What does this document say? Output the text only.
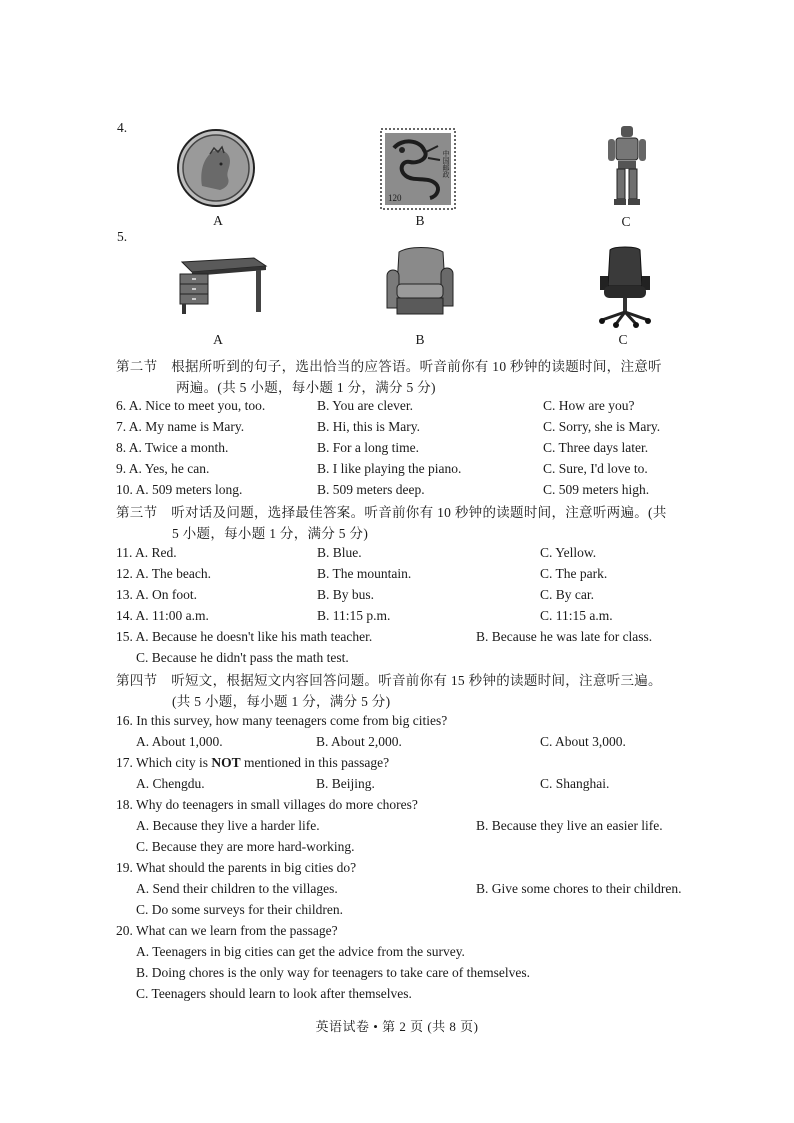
4.
120
中国邮政
A	B	C
5.
A	B	C
第二节　根据所听到的句子，选出恰当的应答语。听音前你有 10 秒钟的读题时间，注意听
两遍。(共 5 小题，每小题 1 分，满分 5 分)
6. A. Nice to meet you, too.	B. You are clever.	C. How are you?
7. A. My name is Mary.	B. Hi, this is Mary.	C. Sorry, she is Mary.
8. A. Twice a month.	B. For a long time.	C. Three days later.
9. A. Yes, he can.	B. I like playing the piano.	C. Sure, I'd love to.
10. A. 509 meters long.	B. 509 meters deep.	C. 509 meters high.
第三节　听对话及问题，选择最佳答案。听音前你有 10 秒钟的读题时间，注意听两遍。(共
5 小题，每小题 1 分，满分 5 分)
11. A. Red.	B. Blue.	C. Yellow.
12. A. The beach.	B. The mountain.	C. The park.
13. A. On foot.	B. By bus.	C. By car.
14. A. 11:00 a.m.	B. 11:15 p.m.	C. 11:15 a.m.
15. A. Because he doesn't like his math teacher.	B. Because he was late for class.
C. Because he didn't pass the math test.
第四节　听短文，根据短文内容回答问题。听音前你有 15 秒钟的读题时间，注意听三遍。
(共 5 小题，每小题 1 分，满分 5 分)
16. In this survey, how many teenagers come from big cities?
A. About 1,000.	B. About 2,000.	C. About 3,000.
17. Which city is NOT mentioned in this passage?
A. Chengdu.	B. Beijing.	C. Shanghai.
18. Why do teenagers in small villages do more chores?
A. Because they live a harder life.	B. Because they live an easier life.
C. Because they are more hard-working.
19. What should the parents in big cities do?
A. Send their children to the villages.	B. Give some chores to their children.
C. Do some surveys for their children.
20. What can we learn from the passage?
A. Teenagers in big cities can get the advice from the survey.
B. Doing chores is the only way for teenagers to take care of themselves.
C. Teenagers should learn to look after themselves.
英语试卷 • 第 2 页 (共 8 页)
